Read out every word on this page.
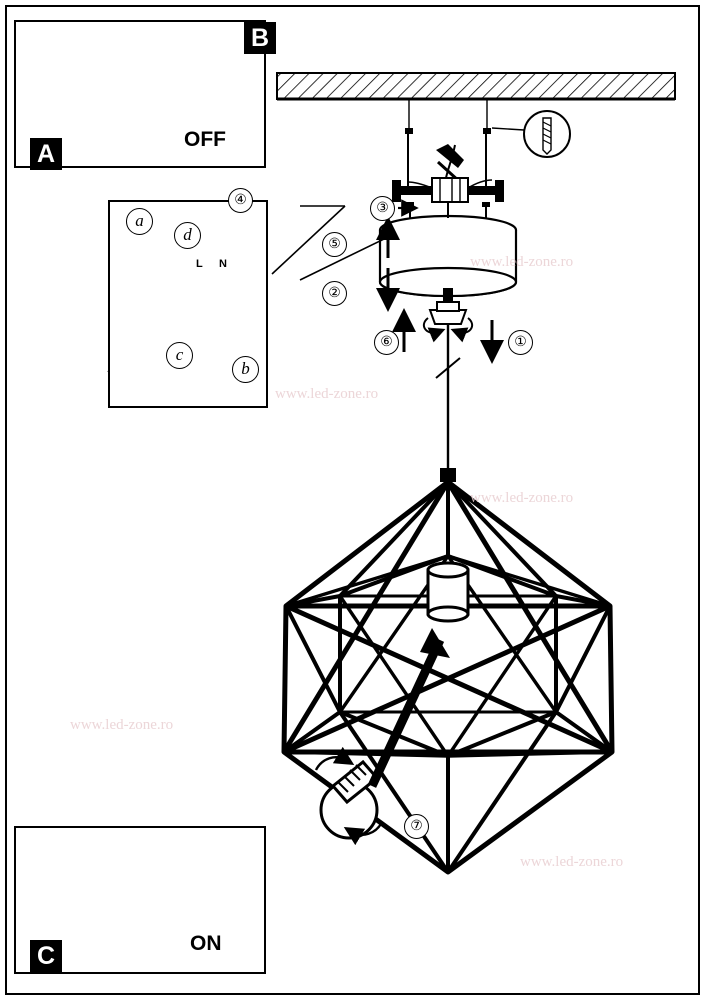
A
B
C
OFF
ON
①
②
③
④
⑤
⑥
⑦
a
b
c
d
L N	www.led-zone.ro
www.led-zone.ro
www.led-zone.ro
www.led-zone.ro
www.led-zone.ro
